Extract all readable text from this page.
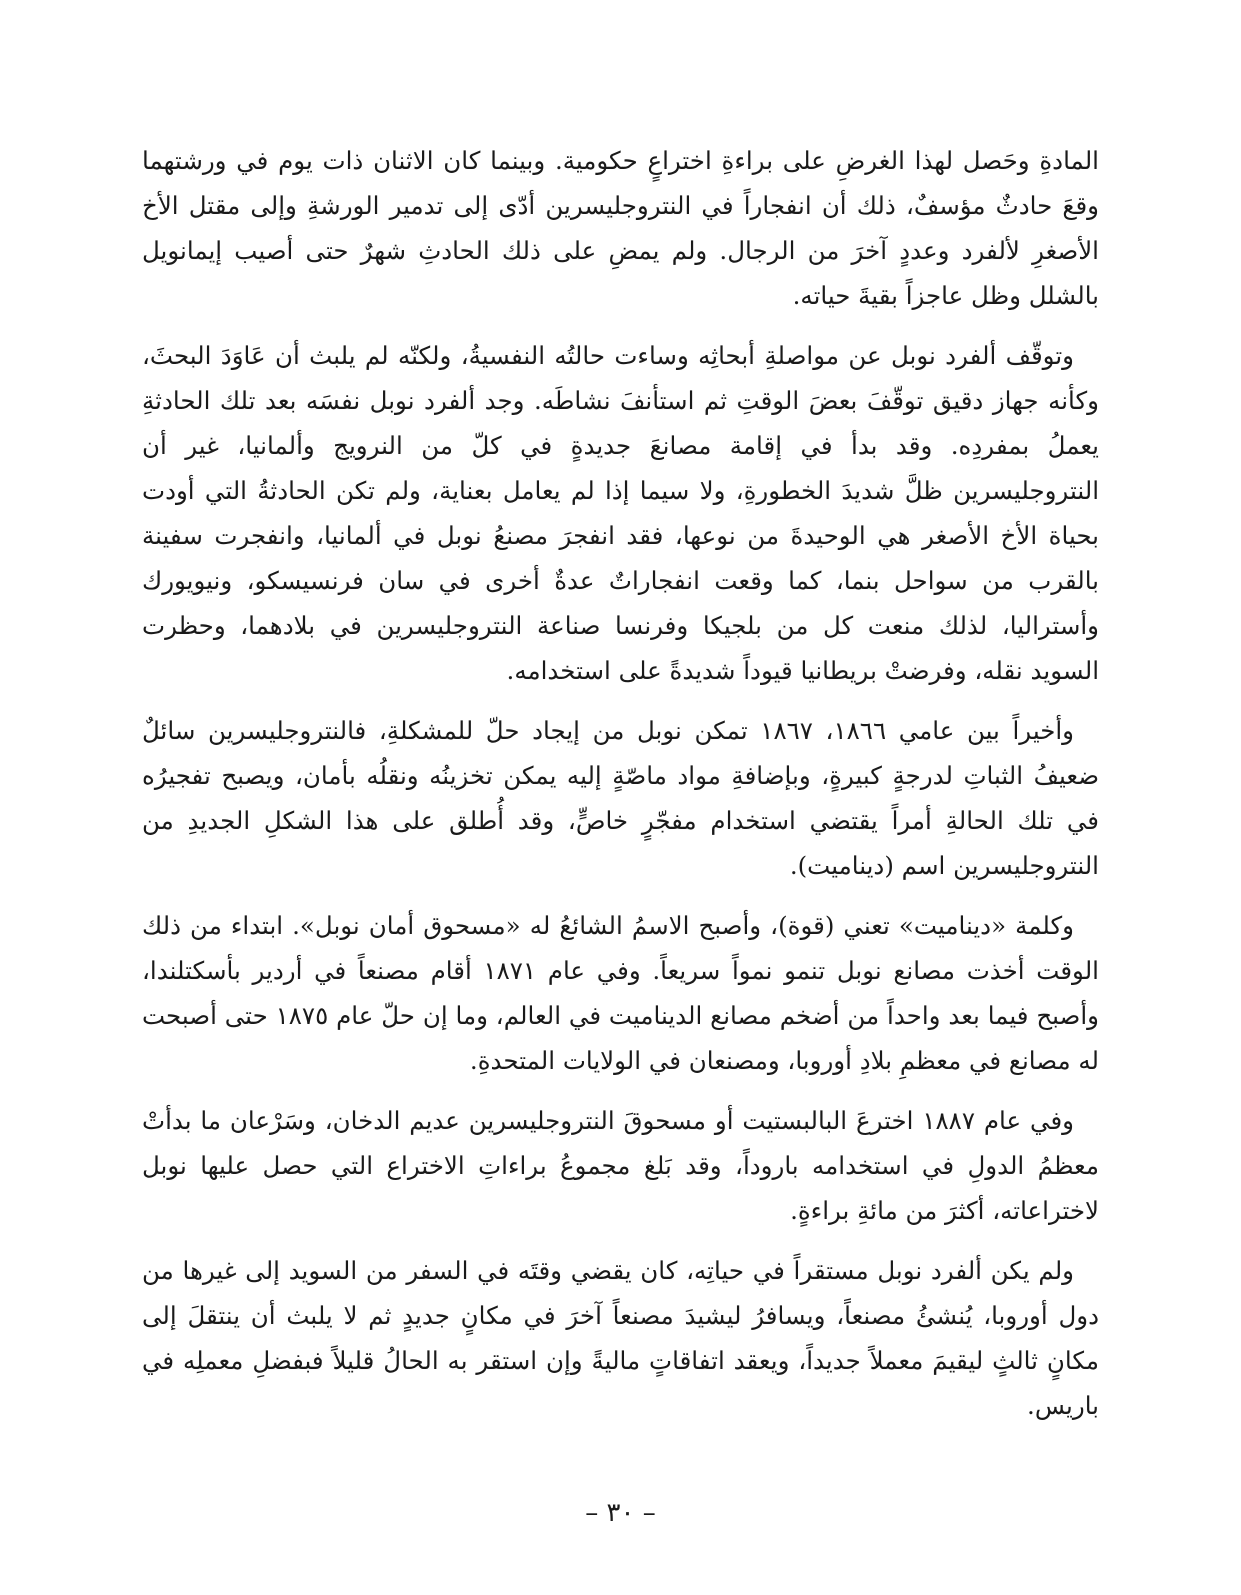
المادةِ وحَصل لهذا الغرضِ على براءةِ اختراعٍ حكومية. وبينما كان الاثنان ذات يوم في ورشتهما وقعَ حادثٌ مؤسفٌ، ذلك أن انفجاراً في النتروجليسرين أدّى إلى تدمير الورشةِ وإلى مقتل الأخ الأصغرِ لألفرد وعددٍ آخرَ من الرجال. ولم يمضِ على ذلك الحادثِ شهرٌ حتى أصيب إيمانويل بالشلل وظل عاجزاً بقيةَ حياته.

وتوقّف ألفرد نوبل عن مواصلةِ أبحاثِه وساءت حالتُه النفسيةُ، ولكنّه لم يلبث أن عَاوَدَ البحثَ، وكأنه جهاز دقيق توقّفَ بعضَ الوقتِ ثم استأنفَ نشاطَه. وجد ألفرد نوبل نفسَه بعد تلك الحادثةِ يعملُ بمفردِه. وقد بدأ في إقامة مصانعَ جديدةٍ في كلّ من النرويج وألمانيا، غير أن النتروجليسرين ظلَّ شديدَ الخطورةِ، ولا سيما إذا لم يعامل بعناية، ولم تكن الحادثةُ التي أودت بحياة الأخ الأصغر هي الوحيدةَ من نوعها، فقد انفجرَ مصنعُ نوبل في ألمانيا، وانفجرت سفينة بالقرب من سواحل بنما، كما وقعت انفجاراتٌ عدةٌ أخرى في سان فرنسيسكو، ونيويورك وأستراليا، لذلك منعت كل من بلجيكا وفرنسا صناعة النتروجليسرين في بلادهما، وحظرت السويد نقله، وفرضتْ بريطانيا قيوداً شديدةً على استخدامه.

وأخيراً بين عامي ١٨٦٦، ١٨٦٧ تمكن نوبل من إيجاد حلّ للمشكلةِ، فالنتروجليسرين سائلٌ ضعيفُ الثباتِ لدرجةٍ كبيرةٍ، وبإضافةِ مواد ماصّةٍ إليه يمكن تخزينُه ونقلُه بأمان، ويصبح تفجيرُه في تلك الحالةِ أمراً يقتضي استخدام مفجّرٍ خاصٍّ، وقد أُطلق على هذا الشكلِ الجديدِ من النتروجليسرين اسم (ديناميت).

وكلمة «ديناميت» تعني (قوة)، وأصبح الاسمُ الشائعُ له «مسحوق أمان نوبل». ابتداء من ذلك الوقت أخذت مصانع نوبل تنمو نمواً سريعاً. وفي عام ١٨٧١ أقام مصنعاً في أردير بأسكتلندا، وأصبح فيما بعد واحداً من أضخم مصانع الديناميت في العالم، وما إن حلّ عام ١٨٧٥ حتى أصبحت له مصانع في معظمِ بلادِ أوروبا، ومصنعان في الولايات المتحدةِ.

وفي عام ١٨٨٧ اخترعَ البالبستيت أو مسحوقَ النتروجليسرين عديم الدخان، وسَرْعان ما بدأتْ معظمُ الدولِ في استخدامه باروداً، وقد بَلغ مجموعُ براءاتِ الاختراع التي حصل عليها نوبل لاختراعاته، أكثرَ من مائةِ براءةٍ.

ولم يكن ألفرد نوبل مستقراً في حياتِه، كان يقضي وقتَه في السفر من السويد إلى غيرها من دول أوروبا، يُنشئُ مصنعاً، ويسافرُ ليشيدَ مصنعاً آخرَ في مكانٍ جديدٍ ثم لا يلبث أن ينتقلَ إلى مكانٍ ثالثٍ ليقيمَ معملاً جديداً، ويعقد اتفاقاتٍ ماليةً وإن استقر به الحالُ قليلاً فبفضلِ معملِه في باريس.

– ٣٠ –
